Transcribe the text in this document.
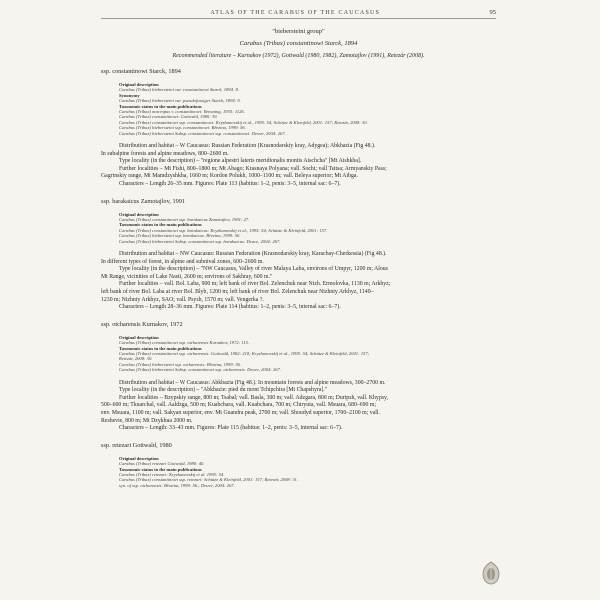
ATLAS OF THE CARABUS OF THE CAUCASUS	95
"biebersteini group"
Carabus (Tribax) constantinowi Starck, 1894
Recommended literature – Kurnakov (1972), Gottwald (1980, 1982), Zamotajlov (1991), Retezár (2008).
ssp. constantinowi Starck, 1894
Original description
Carabus (Tribax) biebersteini var. constantinowi Starck, 1894: 8.
Synonymy
Carabus (Tribax) biebersteini var. pseudofossiger Starck, 1894: 9.
Taxonomic status in the main publications
Carabus (Tribax) macropus v. constantinowi: Breuning, 1935: 1126.
Carabus (Tribax) constantinowi: Gottwald, 1980: 39.
Carabus (Tribax) constantinowi ssp. constantinowi: Kryzhanovskij et al., 1995: 54; Schütze & Kleinfeld, 2001: 157; Retezár, 2008: 30.
Carabus (Tribax) biebersteini ssp. constantinowi: Březina, 1999: 56.
Carabus (Tribax) biebersteini Subsp. constantinowi ssp. constantinowi: Deuve, 2004: 267.
Distribution and habitat – W Caucasus: Russian Federation (Krasnodarskiy kray, Adygea); Abkhazia (Fig 48.).
In subalpine forests and alpine meadows, 800–2600 m.
Type locality (in the description) – "regione alpestri lateris meridionalis montis Aischcha" [Mt Aishkha].
Further localities – Mt Fishi, 800–1800 m; Mt Abago; Krasnaya Polyana; vall. Sochi; vall Tsitsa; Armyanskiy Pass;
Gagrinskiy range, Mt Mamdzyshkha, 1660 m; Kordon Polukh, 1000–1100 m; vall. Beleya superior; Mt Aibga.
Characters – Length 26–35 mm. Figures: Plate 113 (habitus: 1–2, penis: 3–5, internal sac: 6–7).
ssp. barakaicus Zamotajlov, 1991
Original description
Carabus (Tribax) constantinowi ssp. barakaicus Zamotajlov, 1991: 27.
Taxonomic status in the main publications
Carabus (Tribax) constantinowi ssp. barakaicus: Kryzhanovskij et al., 1995: 54; Schütze & Kleinfeld, 2001: 157.
Carabus (Tribax) biebersteini ssp. barakaicus: Březina, 1999: 56.
Carabus (Tribax) biebersteini Subsp. constantinowi ssp. barakaicus: Deuve, 2004: 267.
Distribution and habitat – NW Caucasus: Russian Federation (Krasnodarskiy kray, Karachay-Cherkessia) (Fig 48.).
In different types of forest, in alpine and subnival zones, 600–2600 m.
Type locality (in the description) – "NW Caucasus, Valley of river Malaya Laba, environs of Umpyr, 1200 m; Alous
Mt Range, vicinities of Lake Nasti, 2600 m; environs of Sakhray, 600 m."
Further localities – vall. Bol. Laba, 900 m; left bank of river Bol. Zelenchuk near Nizh. Ermolovka, 1130 m; Arkhyz;
left bank of river Bol. Laba at river Bol. Blyb, 1200 m; left bank of river Bol. Zelenchuk near Nizhniy Arkhyz, 1140–
1230 m; Nizhniy Arkhyz, SAO; vall. Psysh, 1570 m; vall. Vengerka ?.
Characters – Length 28–36 mm. Figures: Plate 114 (habitus: 1–2, penis: 3–5, internal sac: 6–7).
ssp. otcharensis Kurnakov, 1972
Original description
Carabus (Tribax) constantinowi ssp. otcharensis Kurnakov, 1972: 115.
Taxonomic status in the main publications
Carabus (Tribax) constantinowi ssp. otcharensis: Gottwald, 1982: 218; Kryzhanovskij et al., 1995: 54; Schütze & Kleinfeld, 2001: 157;
Retezár, 2008: 30.
Carabus (Tribax) biebersteini ssp. otcharensis: Březina, 1999: 56.
Carabus (Tribax) biebersteini Subsp. constantinowi ssp. otcharensis: Deuve, 2004: 267.
Distribution and habitat – W Caucasus: Abkhazia (Fig 48.). In mountain forests and alpine meadows, 300–2700 m.
Type locality (in the description) – "Abkhazie: pied du mont Tchipchira [Mt Chapshyra]."
Further localities – Bzypskiy range, 800 m; Tsabal; vall. Basla, 300 m; vall. Adzgara, 800 m; Duripsh, vall. Khypsy,
500–600 m; Tkuarchal, vall. Aaldzga, 500 m; Kuabchara, vall. Kuabchara, 700 m; Chiryuta, vall. Msuara, 680–690 m;
env. Msuara, 1100 m; vall. Sakyan superior, env. Mt Guandra peak, 2700 m; vall. Shoudyd superior, 1700–2100 m; vall.
Reshevie, 800 m; Mt Dzykhua 2000 m.
Characters – Length: 33–43 mm. Figures: Plate 115 (habitus: 1–2, penis: 3–5, internal sac: 6–7).
ssp. retezari Gottwald, 1980
Original description
Carabus (Tribax) retezari Gottwald, 1980: 40.
Taxonomic status in the main publications
Carabus (Tribax) retezari: Kryzhanovskij et al. 1995: 54.
Carabus (Tribax) constantinowi ssp. retezari: Schütze & Kleinfeld, 2001: 157; Retezár, 2008: 31.
syn. of ssp. otcharensis: Březina, 1999: 56.; Deuve, 2004: 267.
